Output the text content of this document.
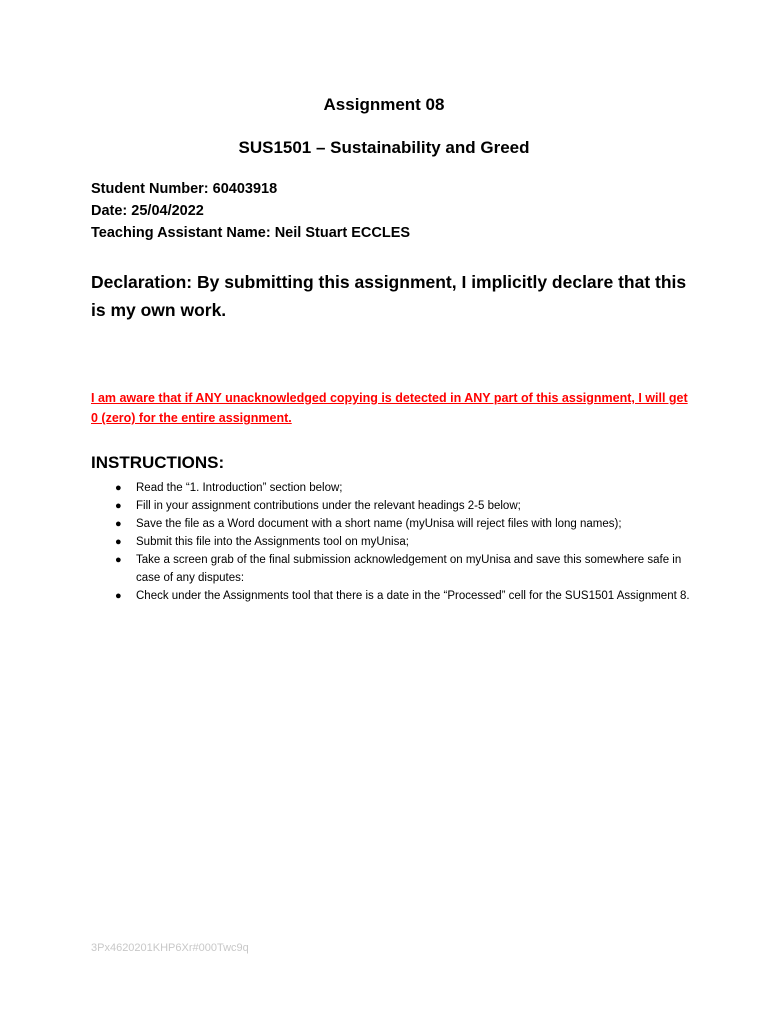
Assignment 08
SUS1501 – Sustainability and Greed
Student Number: 60403918
Date: 25/04/2022
Teaching Assistant Name: Neil Stuart ECCLES

Declaration: By submitting this assignment, I implicitly declare that this is my own work.

I am aware that if ANY unacknowledged copying is detected in ANY part of this assignment, I will get 0 (zero) for the entire assignment.

INSTRUCTIONS:
● Read the “1. Introduction” section below;
● Fill in your assignment contributions under the relevant headings 2-5 below;
● Save the file as a Word document with a short name (myUnisa will reject files with long names);
● Submit this file into the Assignments tool on myUnisa;
● Take a screen grab of the final submission acknowledgement on myUnisa and save this somewhere safe in case of any disputes:
● Check under the Assignments tool that there is a date in the “Processed” cell for the SUS1501 Assignment 8.

3Px4620201KHP6Xr#000Twc9q
